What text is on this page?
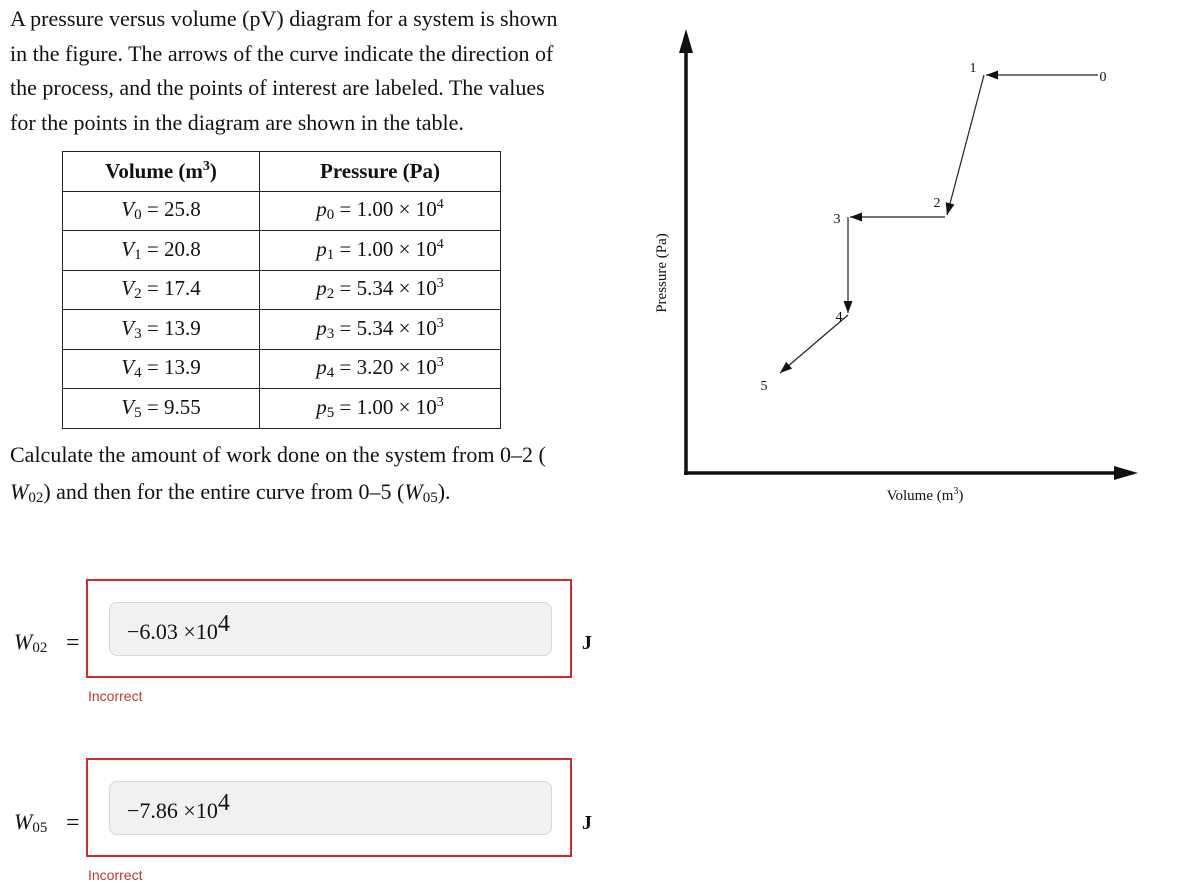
A pressure versus volume (pV) diagram for a system is shown

in the figure. The arrows of the curve indicate the direction of

the process, and the points of interest are labeled. The values

for the points in the diagram are shown in the table.

Volume $(m^3)$	Pressure (Pa)
$V_0 = 25.8$	$p_0 = 1.00 \times 10^4$
$V_1 = 20.8$	$p_1 = 1.00 \times 10^4$
$V_2 = 17.4$	$p_2 = 5.34 \times 10^3$
$V_3 = 13.9$	$p_3 = 5.34 \times 10^3$
$V_4 = 13.9$	$p_4 = 3.20 \times 10^3$
$V_5 = 9.55$	$p_5 = 1.00 \times 10^3$

Calculate the amount of work done on the system from 0–2 (

$W_{02}$) and then for the entire curve from 0–5 $(W_{05})$.

$W_{02} = -6.03 \times 104$
J
Incorrect
$W_{05} = -7.86 \times 104$
J
Incorrect
Pressure (Pa)
Volume $(m^3)$
0
1
2
3
4
5
